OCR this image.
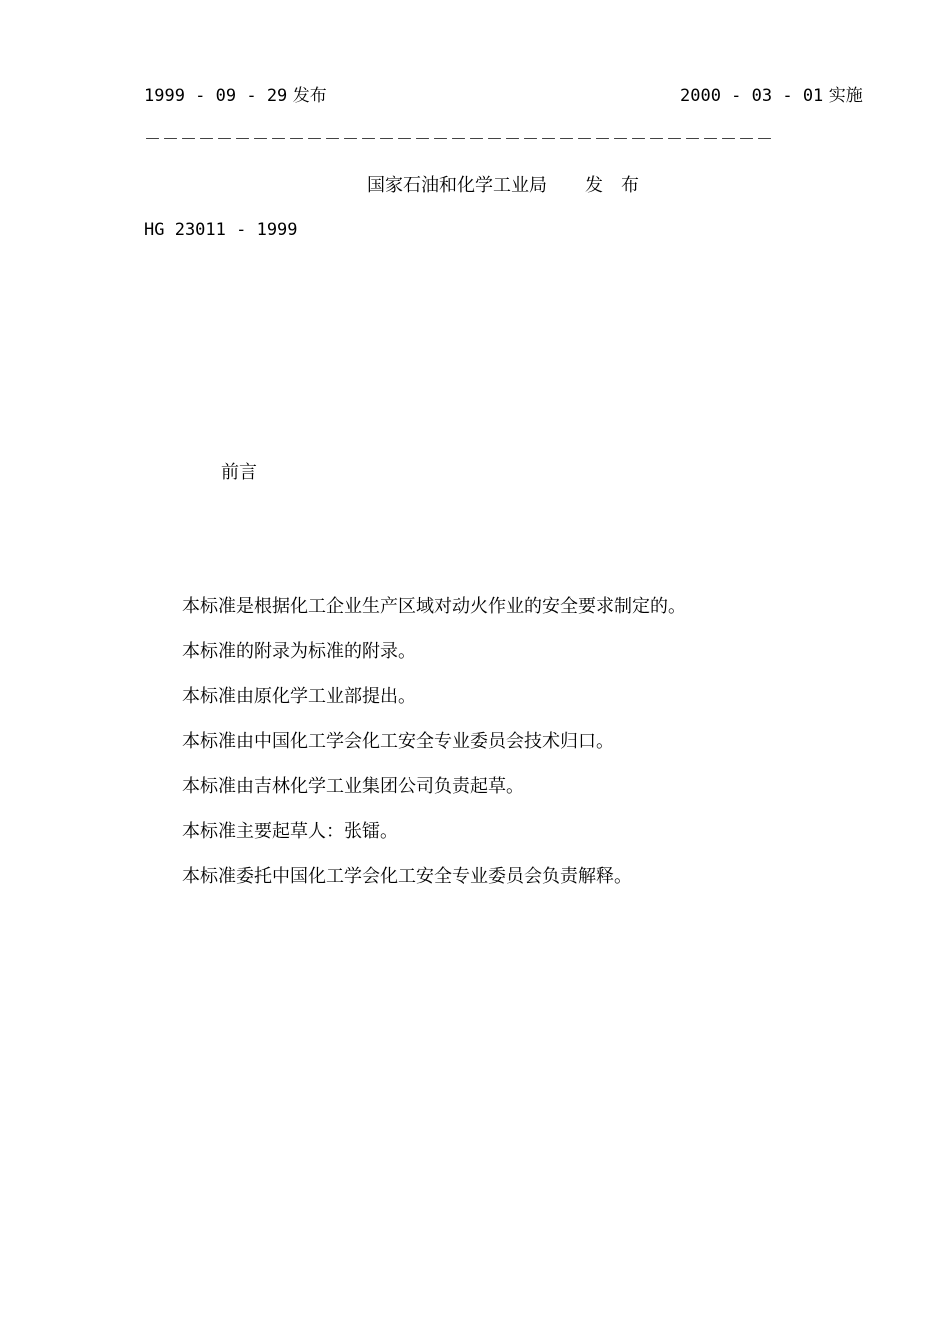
1999 - 09 - 29 发布	2000 - 03 - 01 实施
－－－－－－－－－－－－－－－－－－－－－－－－－－－－－－－－－－－
国家石油和化学工业局 发 布
HG 23011 - 1999
前言
本标准是根据化工企业生产区域对动火作业的安全要求制定的。
本标准的附录为标准的附录。
本标准由原化学工业部提出。
本标准由中国化工学会化工安全专业委员会技术归口。
本标准由吉林化学工业集团公司负责起草。
本标准主要起草人：张镭。
本标准委托中国化工学会化工安全专业委员会负责解释。
